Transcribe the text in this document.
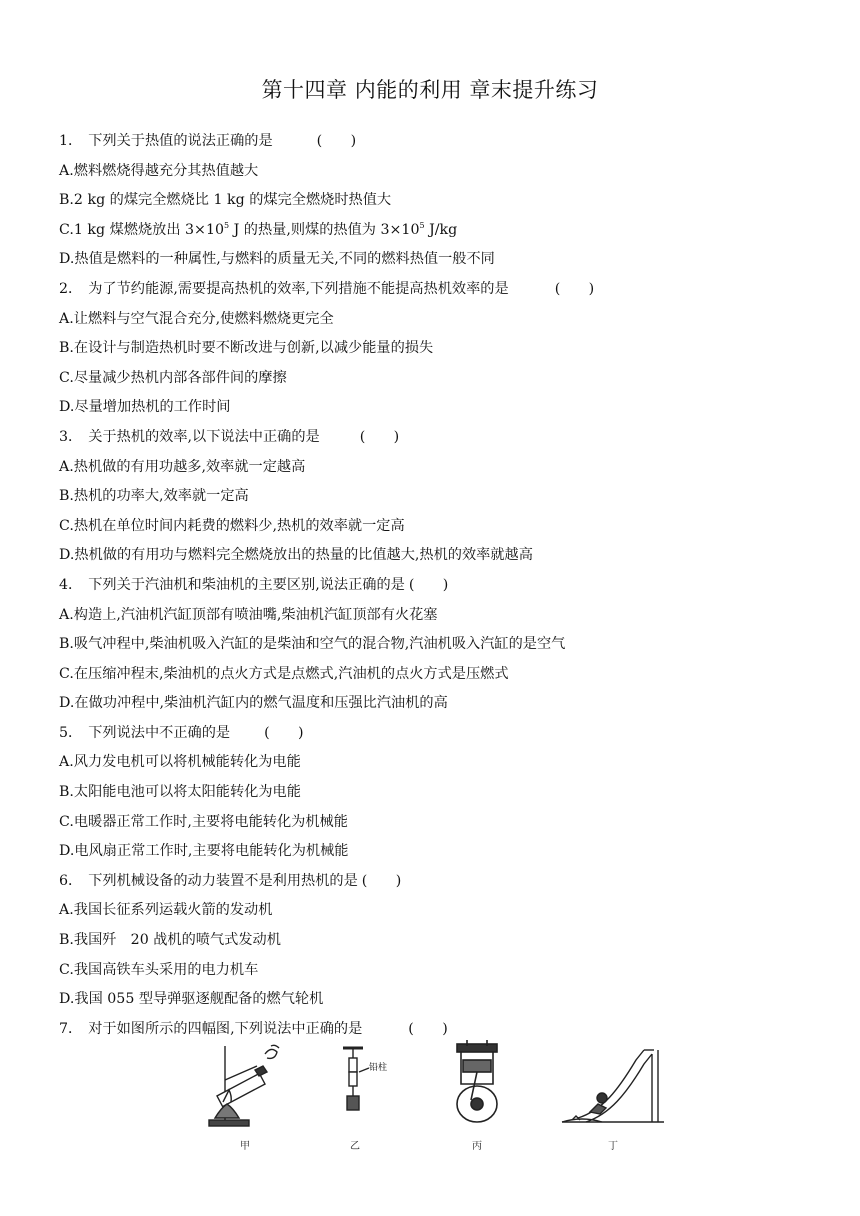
第十四章 内能的利用 章末提升练习
1． 下列关于热值的说法正确的是	(　　)
A.燃料燃烧得越充分其热值越大
B.2 kg 的煤完全燃烧比 1 kg 的煤完全燃烧时热值大
C.1 kg 煤燃烧放出 $3\times 10^5$ J 的热量,则煤的热值为 $3\times 10^5$ J/kg
D.热值是燃料的一种属性,与燃料的质量无关,不同的燃料热值一般不同
2． 为了节约能源,需要提高热机的效率,下列措施不能提高热机效率的是	(　　)
A.让燃料与空气混合充分,使燃料燃烧更完全
B.在设计与制造热机时要不断改进与创新,以减少能量的损失
C.尽量减少热机内部各部件间的摩擦
D.尽量增加热机的工作时间
3． 关于热机的效率,以下说法中正确的是	(　　)
A.热机做的有用功越多,效率就一定越高
B.热机的功率大,效率就一定高
C.热机在单位时间内耗费的燃料少,热机的效率就一定高
D.热机做的有用功与燃料完全燃烧放出的热量的比值越大,热机的效率就越高
4． 下列关于汽油机和柴油机的主要区别,说法正确的是 (　　)
A.构造上,汽油机汽缸顶部有喷油嘴,柴油机汽缸顶部有火花塞
B.吸气冲程中,柴油机吸入汽缸的是柴油和空气的混合物,汽油机吸入汽缸的是空气
C.在压缩冲程末,柴油机的点火方式是点燃式,汽油机的点火方式是压燃式
D.在做功冲程中,柴油机汽缸内的燃气温度和压强比汽油机的高
5． 下列说法中不正确的是 (　　)
A.风力发电机可以将机械能转化为电能
B.太阳能电池可以将太阳能转化为电能
C.电暖器正常工作时,主要将电能转化为机械能
D.电风扇正常工作时,主要将电能转化为机械能
6． 下列机械设备的动力装置不是利用热机的是 (　　)
A.我国长征系列运载火箭的发动机
B.我国歼　20 战机的喷气式发动机
C.我国高铁车头采用的电力机车
D.我国 055 型导弹驱逐舰配备的燃气轮机
7． 对于如图所示的四幅图,下列说法中正确的是	(　　)
甲
铅柱
乙	丙	丁
